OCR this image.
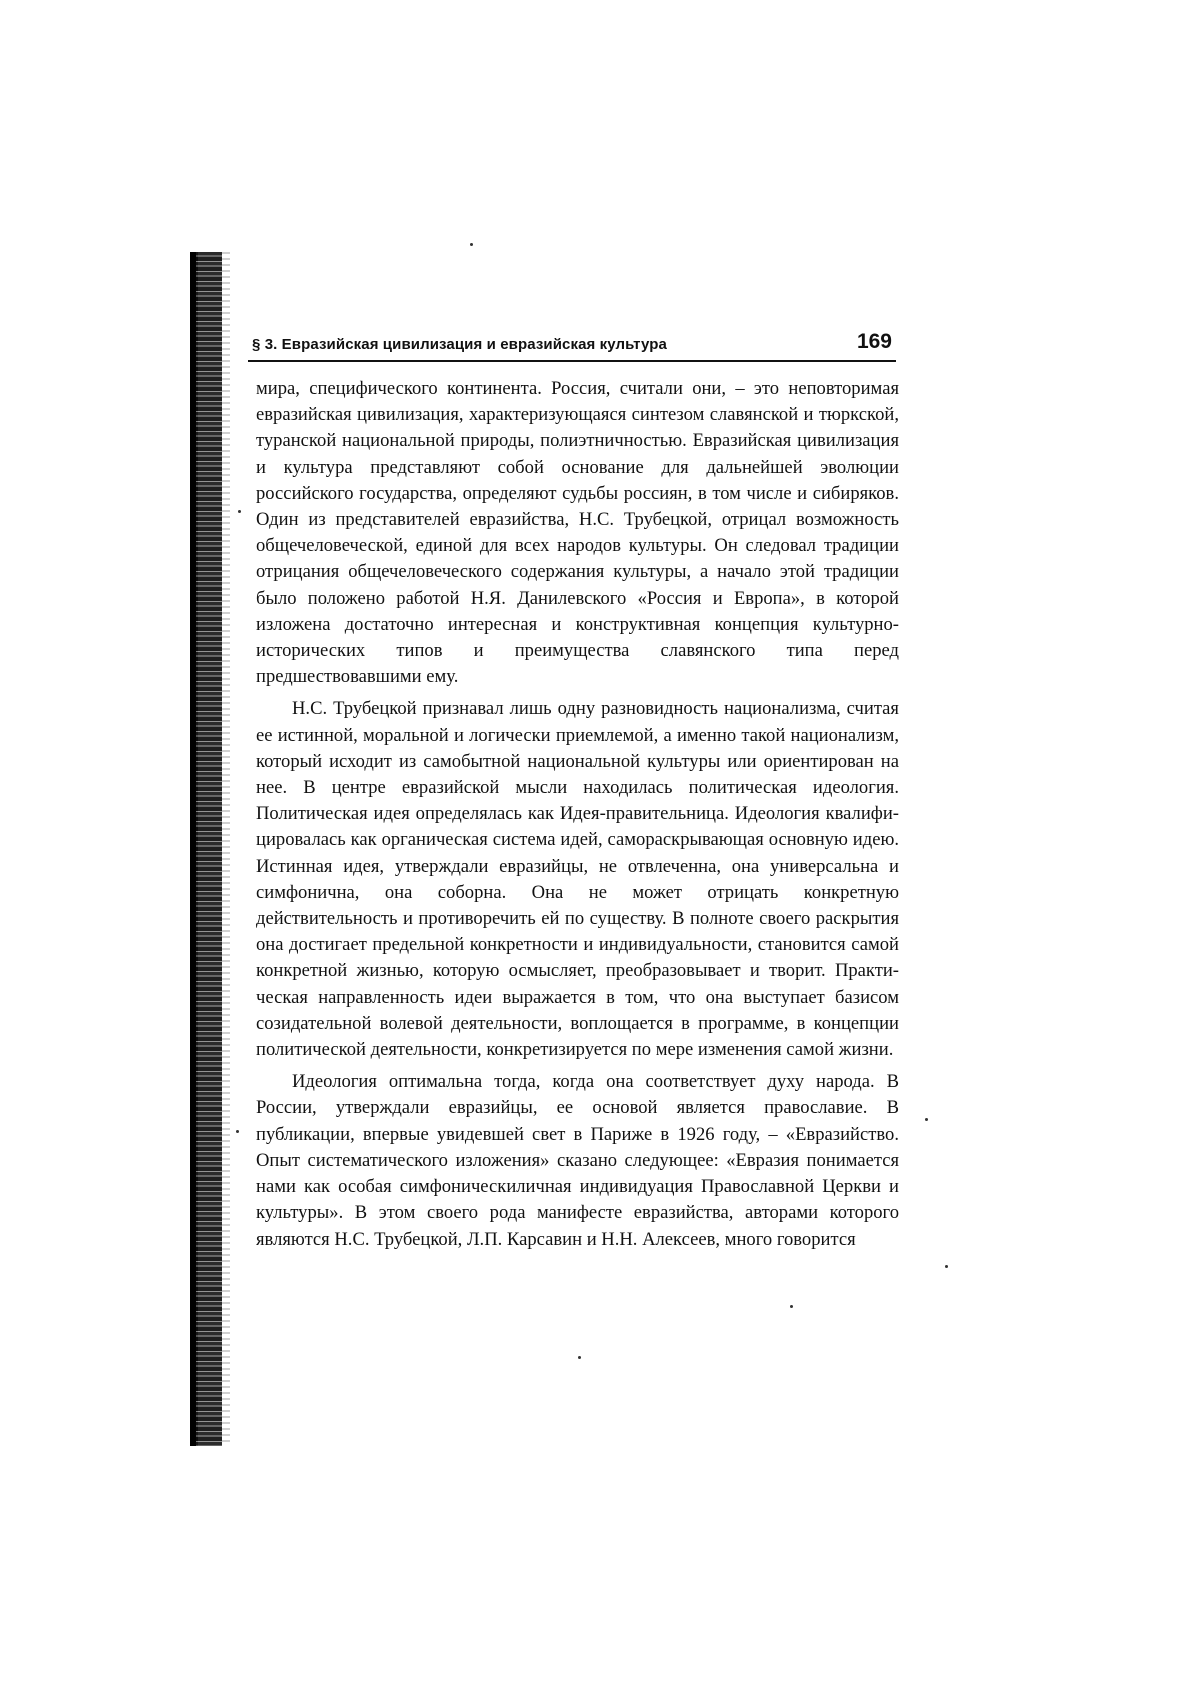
§ 3. Евразийская цивилизация и евразийская культура	169

мира, специфического континента. Россия, считали они, – это неповторимая евразийская цивилизация, характеризующаяся синтезом славянской и тюркской, туранской национальной природы, полиэтничностью. Евразийская цивилизация и культура представляют собой основание для дальнейшей эволюции российского государства, определяют судьбы россиян, в том числе и сибиряков. Один из представителей евразийства, Н.С. Трубецкой, отрицал возможность общечеловеческой, единой для всех народов культуры. Он следовал традиции отрицания общечеловеческого содержания культуры, а начало этой традиции было положено работой Н.Я. Данилевского «Россия и Европа», в которой изложена достаточно интересная и конструктивная концепция культурно-исторических типов и преимущества славянского типа перед предшествовавшими ему.

Н.С. Трубецкой признавал лишь одну разновидность национализма, считая ее истинной, моральной и логически приемлемой, а именно такой национализм, который исходит из самобытной национальной культуры или ориентирован на нее. В центре евразийской мысли находилась политическая идеология. Политическая идея определялась как Идея-правительница. Идеология квалифицировалась как органическая система идей, самораскрывающая основную идею. Истинная идея, утверждали евразийцы, не отвлеченна, она универсальна и симфонична, она соборна. Она не может отрицать конкретную действительность и противоречить ей по существу. В полноте своего раскрытия она достигает предельной конкретности и индивидуальности, становится самой конкретной жизнью, которую осмысляет, преобразовывает и творит. Практическая направленность идеи выражается в том, что она выступает базисом созидательной волевой деятельности, воплощается в программе, в концепции политической деятельности, конкретизируется по мере изменения самой жизни.

Идеология оптимальна тогда, когда она соответствует духу народа. В России, утверждали евразийцы, ее основой является православие. В публикации, впервые увидевшей свет в Париже в 1926 году, – «Евразийство. Опыт систематического изложения» сказано следующее: «Евразия понимается нами как особая симфоническиличная индивидуация Православной Церкви и культуры». В этом своего рода манифесте евразийства, авторами которого являются Н.С. Трубецкой, Л.П. Карсавин и Н.Н. Алексеев, много говорится
